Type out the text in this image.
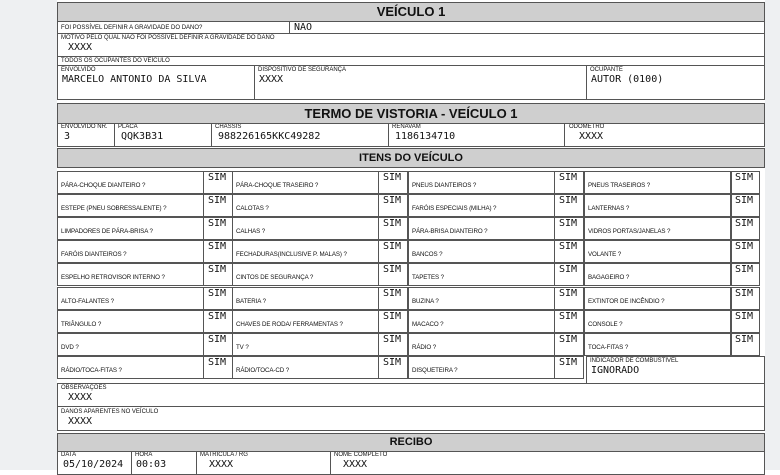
VEÍCULO 1
FOI POSSÍVEL DEFINIR A GRAVIDADE DO DANO?	NÃO
MOTIVO PELO QUAL NÃO FOI POSSÍVEL DEFINIR A GRAVIDADE DO DANO
XXXX
TODOS OS OCUPANTES DO VEÍCULO
ENVOLVIDO
MARCELO ANTONIO DA SILVA
DISPOSITIVO DE SEGURANÇA
XXXX
OCUPANTE
AUTOR (0100)
TERMO DE VISTORIA - VEÍCULO 1
ENVOLVIDO NR.
3
PLACA
QQK3B31
CHASSIS
988226165KKC49282
RENAVAM
1186134710
ODÔMETRO
XXXX
ITENS DO VEÍCULO
PÁRA-CHOQUE DIANTEIRO ?
SIM
PÁRA-CHOQUE TRASEIRO ?
SIM
PNEUS DIANTEIROS ?
SIM
PNEUS TRASEIROS ?
SIM
ESTEPE (PNEU SOBRESSALENTE) ?
SIM
CALOTAS ?
SIM
FARÓIS ESPECIAIS (MILHA) ?
SIM
LANTERNAS ?
SIM
LIMPADORES DE PÁRA-BRISA ?
SIM
CALHAS ?
SIM
PÁRA-BRISA DIANTEIRO ?
SIM
VIDROS PORTAS/JANELAS ?
SIM
FARÓIS DIANTEIROS ?
SIM
FECHADURAS(INCLUSIVE P. MALAS) ?
SIM
BANCOS ?
SIM
VOLANTE ?
SIM
ESPELHO RETROVISOR INTERNO ?
SIM
CINTOS DE SEGURANÇA ?
SIM
TAPETES ?
SIM
BAGAGEIRO ?
SIM
ALTO-FALANTES ?
SIM
BATERIA ?
SIM
BUZINA ?
SIM
EXTINTOR DE INCÊNDIO ?
SIM
TRIÂNGULO ?
SIM
CHAVES DE RODA/ FERRAMENTAS ?
SIM
MACACO ?
SIM
CONSOLE ?
SIM
DVD ?
SIM
TV ?
SIM
RÁDIO ?
SIM
TOCA-FITAS ?
SIM
RÁDIO/TOCA-FITAS ?
SIM
RÁDIO/TOCA-CD ?
SIM
DISQUETEIRA ?
SIM	INDICADOR DE COMBUSTÍVEL
IGNORADO
OBSERVAÇÕES
XXXX
DANOS APARENTES NO VEÍCULO
XXXX
RECIBO
DATA
05/10/2024
HORA
00:03
MATRÍCULA / RG
XXXX
NOME COMPLETO
XXXX
